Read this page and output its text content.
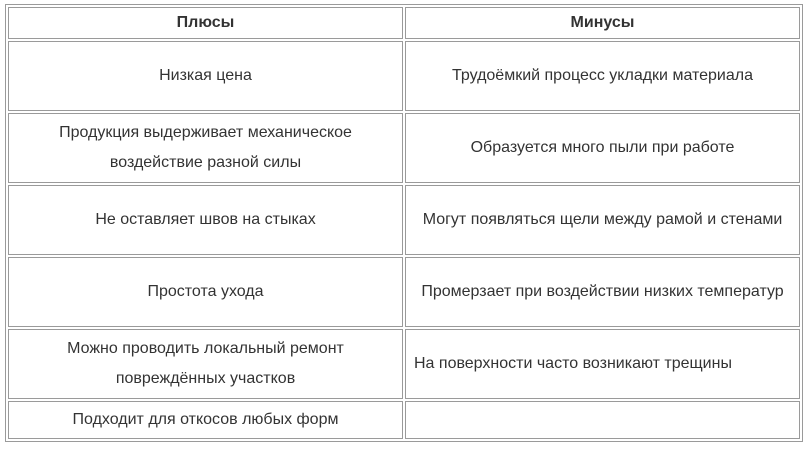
Плюсы	Минусы
Низкая цена	Трудоёмкий процесс укладки материала
Продукция выдерживает механическое воздействие разной силы	Образуется много пыли при работе
Не оставляет швов на стыках	Могут появляться щели между рамой и стенами
Простота ухода	Промерзает при воздействии низких температур
Можно проводить локальный ремонт повреждённых участков	На поверхности часто возникают трещины
Подходит для откосов любых форм	
